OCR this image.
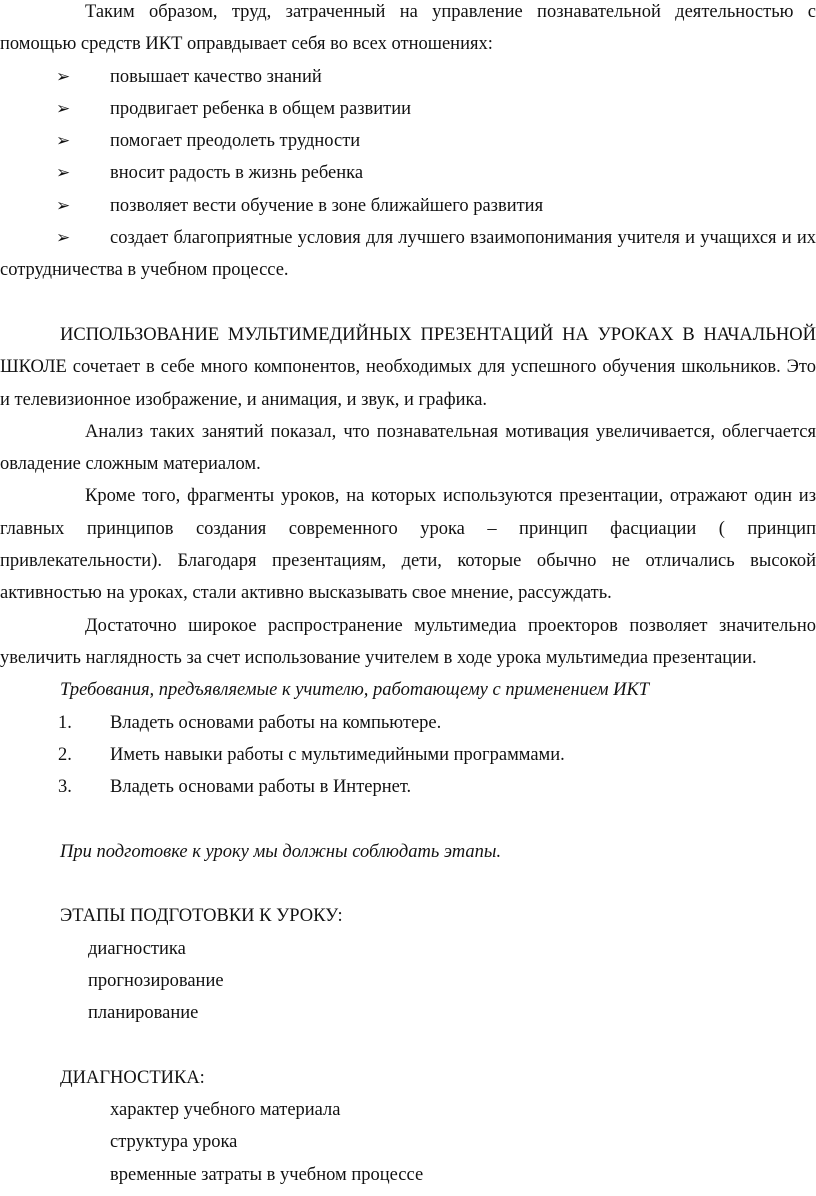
Таким образом, труд, затраченный на управление познавательной деятельностью с
помощью средств ИКТ оправдывает себя во всех отношениях:
➢ повышает качество знаний
➢ продвигает ребенка в общем развитии
➢ помогает преодолеть трудности
➢ вносит радость в жизнь ребенка
➢ позволяет вести обучение в зоне ближайшего развития
➢ создает благоприятные условия для лучшего взаимопонимания учителя и учащихся и их
сотрудничества в учебном процессе.
ИСПОЛЬЗОВАНИЕ МУЛЬТИМЕДИЙНЫХ ПРЕЗЕНТАЦИЙ НА УРОКАХ В НАЧАЛЬНОЙ
ШКОЛЕ сочетает в себе много компонентов, необходимых для успешного обучения школьников. Это
и телевизионное изображение, и анимация, и звук, и графика.
Анализ таких занятий показал, что познавательная мотивация увеличивается, облегчается
овладение сложным материалом.
Кроме того, фрагменты уроков, на которых используются презентации, отражают один из
главных принципов создания современного урока – принцип фасциации ( принцип
привлекательности). Благодаря презентациям, дети, которые обычно не отличались высокой
активностью на уроках, стали активно высказывать свое мнение, рассуждать.
Достаточно широкое распространение мультимедиа проекторов позволяет значительно
увеличить наглядность за счет использование учителем в ходе урока мультимедиа презентации.
Требования, предъявляемые к учителю, работающему с применением ИКТ
1. Владеть основами работы на компьютере.
2. Иметь навыки работы с мультимедийными программами.
3. Владеть основами работы в Интернет.
При подготовке к уроку мы должны соблюдать этапы.
ЭТАПЫ ПОДГОТОВКИ К УРОКУ:
диагностика
прогнозирование
планирование
ДИАГНОСТИКА:
характер учебного материала
структура урока
временные затраты в учебном процессе
